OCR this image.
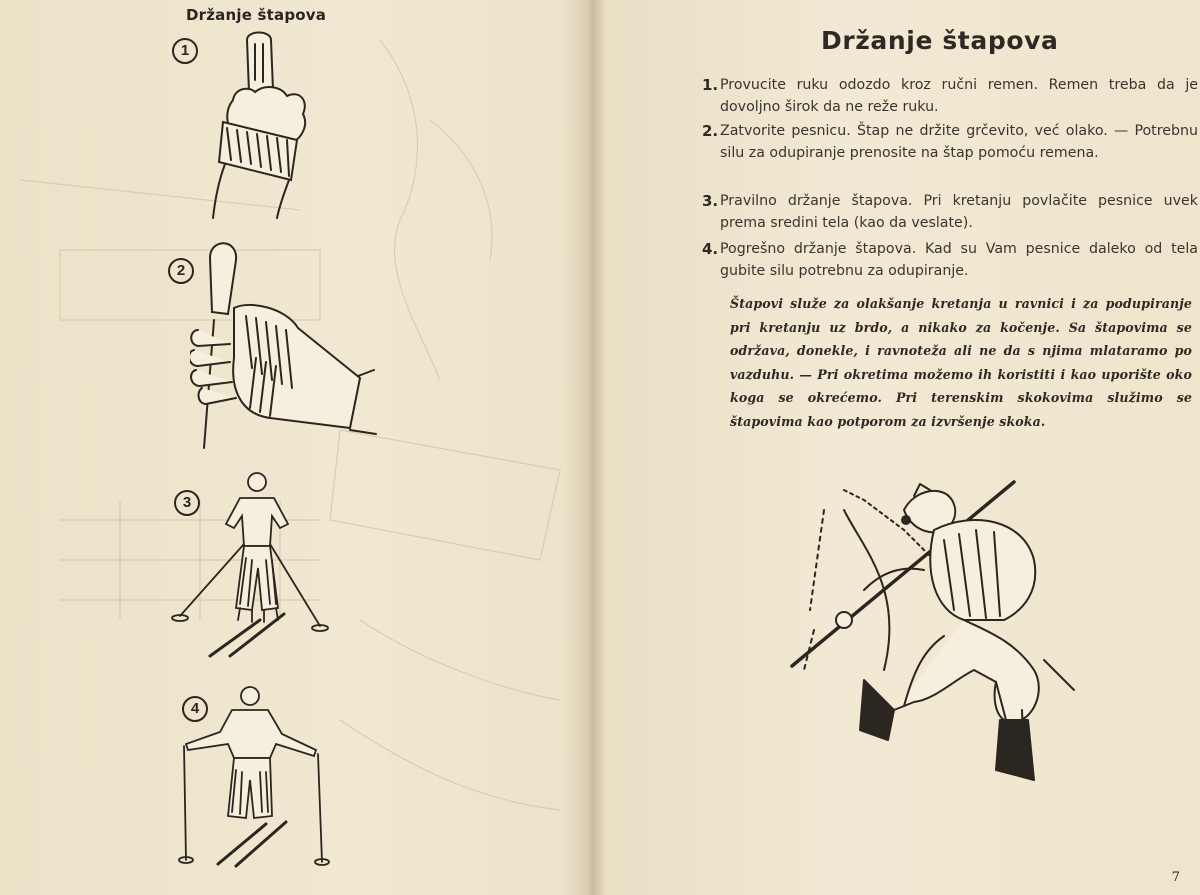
Držanje štapova
1
2
3
4
Držanje štapova
1. Provucite ruku odozdo kroz ručni remen. Remen treba da je dovoljno širok da ne reže ruku.
2. Zatvorite pesnicu. Štap ne držite grčevito, već olako. — Potrebnu silu za odupiranje prenosite na štap pomoću remena.
3. Pravilno držanje štapova. Pri kretanju povlačite pesnice uvek prema sredini tela (kao da veslate).
4. Pogrešno držanje štapova. Kad su Vam pesnice daleko od tela gubite silu potrebnu za odupiranje.
Štapovi služe za olakšanje kretanja u ravnici i za podupiranje pri kretanju uz brdo, a nikako za kočenje. Sa štapovima se održava, donekle, i ravnoteža ali ne da s njima mlataramo po vazduhu. — Pri okretima možemo ih koristiti i kao uporište oko koga se okrećemo. Pri terenskim skokovima služimo se štapovima kao potporom za izvršenje skoka.
7
